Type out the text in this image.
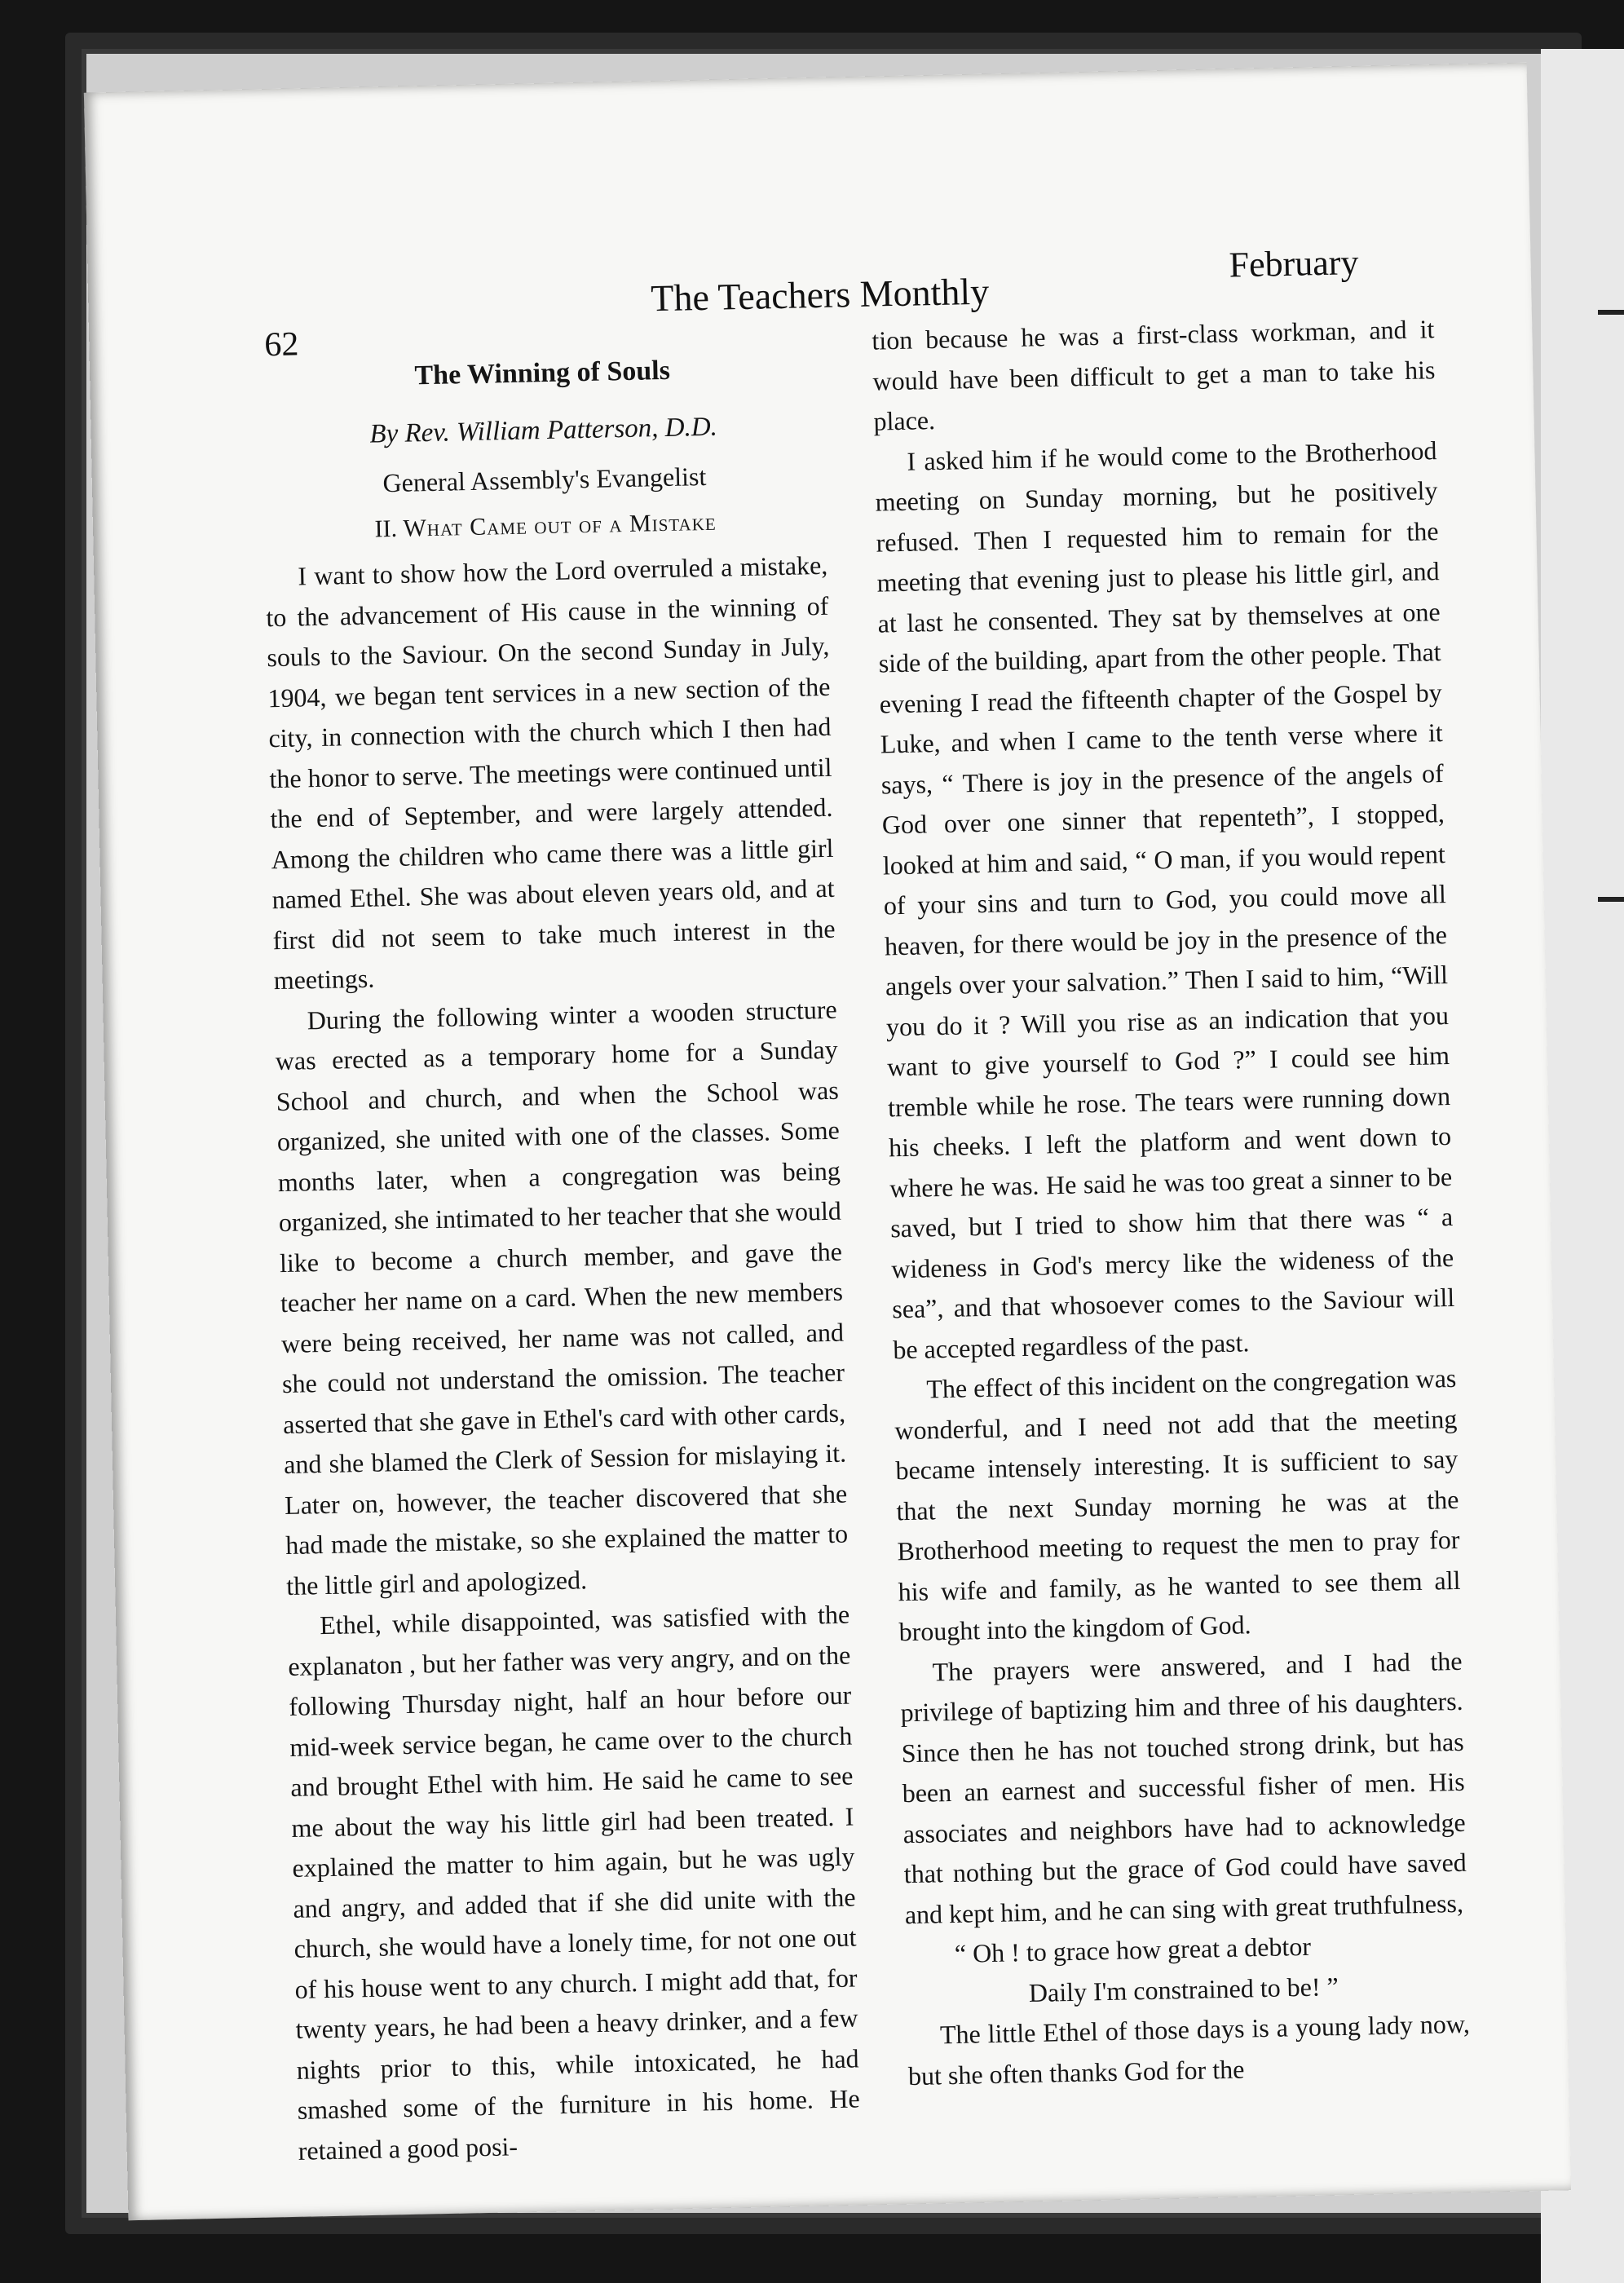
62
The Teachers Monthly
February
The Winning of Souls
By Rev. William Patterson, D.D.
General Assembly's Evangelist
II. What Came out of a Mistake

I want to show how the Lord overruled a mistake, to the advancement of His cause in the winning of souls to the Saviour. On the second Sunday in July, 1904, we began tent services in a new section of the city, in connection with the church which I then had the honor to serve. The meetings were continued until the end of September, and were largely attended. Among the children who came there was a little girl named Ethel. She was about eleven years old, and at first did not seem to take much interest in the meetings.

During the following winter a wooden structure was erected as a temporary home for a Sunday School and church, and when the School was organized, she united with one of the classes. Some months later, when a congregation was being organized, she intimated to her teacher that she would like to become a church member, and gave the teacher her name on a card. When the new members were being received, her name was not called, and she could not understand the omission. The teacher asserted that she gave in Ethel's card with other cards, and she blamed the Clerk of Session for mislaying it. Later on, however, the teacher discovered that she had made the mistake, so she explained the matter to the little girl and apologized.

Ethel, while disappointed, was satisfied with the explanaton , but her father was very angry, and on the following Thursday night, half an hour before our mid-week service began, he came over to the church and brought Ethel with him. He said he came to see me about the way his little girl had been treated. I explained the matter to him again, but he was ugly and angry, and added that if she did unite with the church, she would have a lonely time, for not one out of his house went to any church. I might add that, for twenty years, he had been a heavy drinker, and a few nights prior to this, while intoxicated, he had smashed some of the furniture in his home. He retained a good posi-

tion because he was a first-class workman, and it would have been difficult to get a man to take his place.

I asked him if he would come to the Brotherhood meeting on Sunday morning, but he positively refused. Then I requested him to remain for the meeting that evening just to please his little girl, and at last he consented. They sat by themselves at one side of the building, apart from the other people. That evening I read the fifteenth chapter of the Gospel by Luke, and when I came to the tenth verse where it says, “ There is joy in the presence of the angels of God over one sinner that repenteth”, I stopped, looked at him and said, “ O man, if you would repent of your sins and turn to God, you could move all heaven, for there would be joy in the presence of the angels over your salvation.” Then I said to him, “Will you do it ? Will you rise as an indication that you want to give yourself to God ?” I could see him tremble while he rose. The tears were running down his cheeks. I left the platform and went down to where he was. He said he was too great a sinner to be saved, but I tried to show him that there was “ a wideness in God's mercy like the wideness of the sea”, and that whosoever comes to the Saviour will be accepted regardless of the past.

The effect of this incident on the congregation was wonderful, and I need not add that the meeting became intensely interesting. It is sufficient to say that the next Sunday morning he was at the Brotherhood meeting to request the men to pray for his wife and family, as he wanted to see them all brought into the kingdom of God.

The prayers were answered, and I had the privilege of baptizing him and three of his daughters. Since then he has not touched strong drink, but has been an earnest and successful fisher of men. His associates and neighbors have had to acknowledge that nothing but the grace of God could have saved and kept him, and he can sing with great truthfulness,

“ Oh ! to grace how great a debtor

Daily I'm constrained to be! ”

The little Ethel of those days is a young lady now, but she often thanks God for the
